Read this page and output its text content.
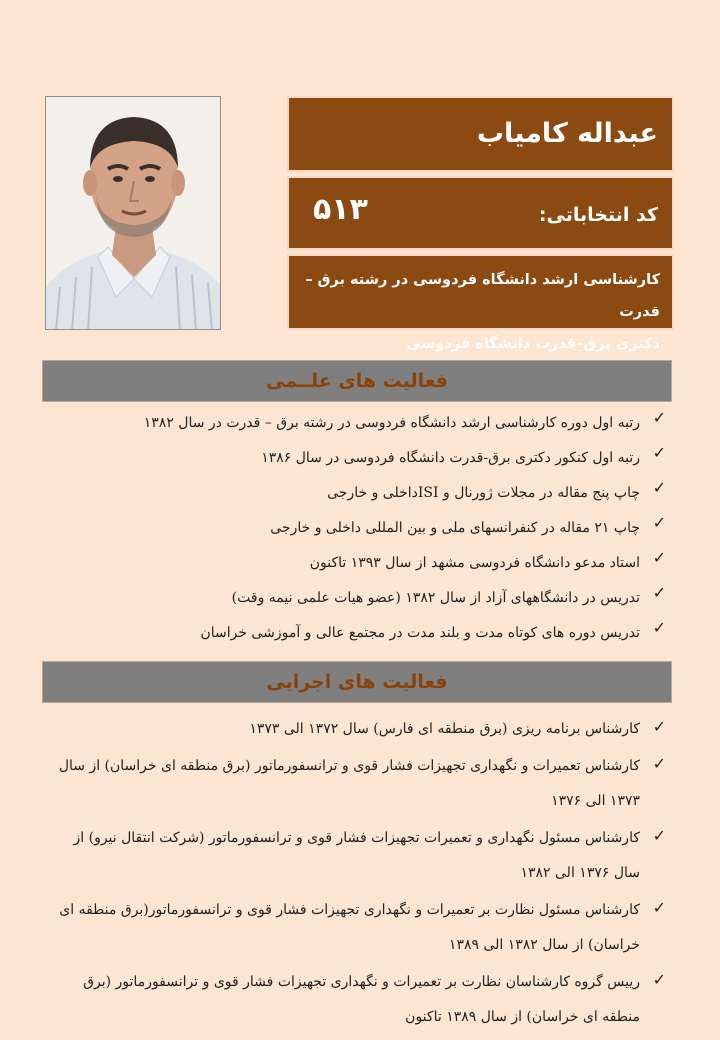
عبداله کامیاب
کد انتخاباتی:
۵۱۳
کارشناسی ارشد دانشگاه فردوسی در رشته برق – قدرت
دکتری برق–قدرت دانشگاه فردوسی
فعالیت های علــمی
✓
رتبه اول دوره کارشناسی ارشد دانشگاه فردوسی در رشته برق – قدرت در سال ۱۳۸۲
✓
رتبه اول کنکور دکتری برق-قدرت دانشگاه فردوسی در سال ۱۳۸۶
✓
چاپ پنج مقاله در مجلات ژورنال و ISIداخلی و خارجی
✓
چاپ ۲۱ مقاله در کنفرانسهای ملی و بین المللی داخلی و خارجی
✓
استاد مدعو دانشگاه فردوسی مشهد از سال ۱۳۹۳ تاکنون
✓
تدریس در دانشگاههای آزاد از سال ۱۳۸۲ (عضو هیات علمی نیمه وقت)
✓
تدریس دوره های کوتاه مدت و بلند مدت در مجتمع عالی و آموزشی خراسان
فعالیت های اجرایی
✓
کارشناس برنامه ریزی (برق منطقه ای فارس) سال ۱۳۷۲ الی ۱۳۷۳
✓
کارشناس تعمیرات و نگهداری تجهیزات فشار قوی و ترانسفورماتور (برق منطقه ای خراسان) از سال ۱۳۷۳ الی ۱۳۷۶
✓
کارشناس مسئول نگهداری و تعمیرات تجهیزات فشار قوی و ترانسفورماتور (شرکت انتقال نیرو) از سال ۱۳۷۶ الی ۱۳۸۲
✓
کارشناس مسئول نظارت بر تعمیرات و نگهداری تجهیزات فشار قوی و ترانسفورماتور(برق منطقه ای خراسان) از سال ۱۳۸۲ الی ۱۳۸۹
✓
رییس گروه کارشناسان نظارت بر تعمیرات و نگهداری تجهیزات فشار قوی و ترانسفورماتور (برق منطقه ای خراسان) از سال ۱۳۸۹ تاکنون
